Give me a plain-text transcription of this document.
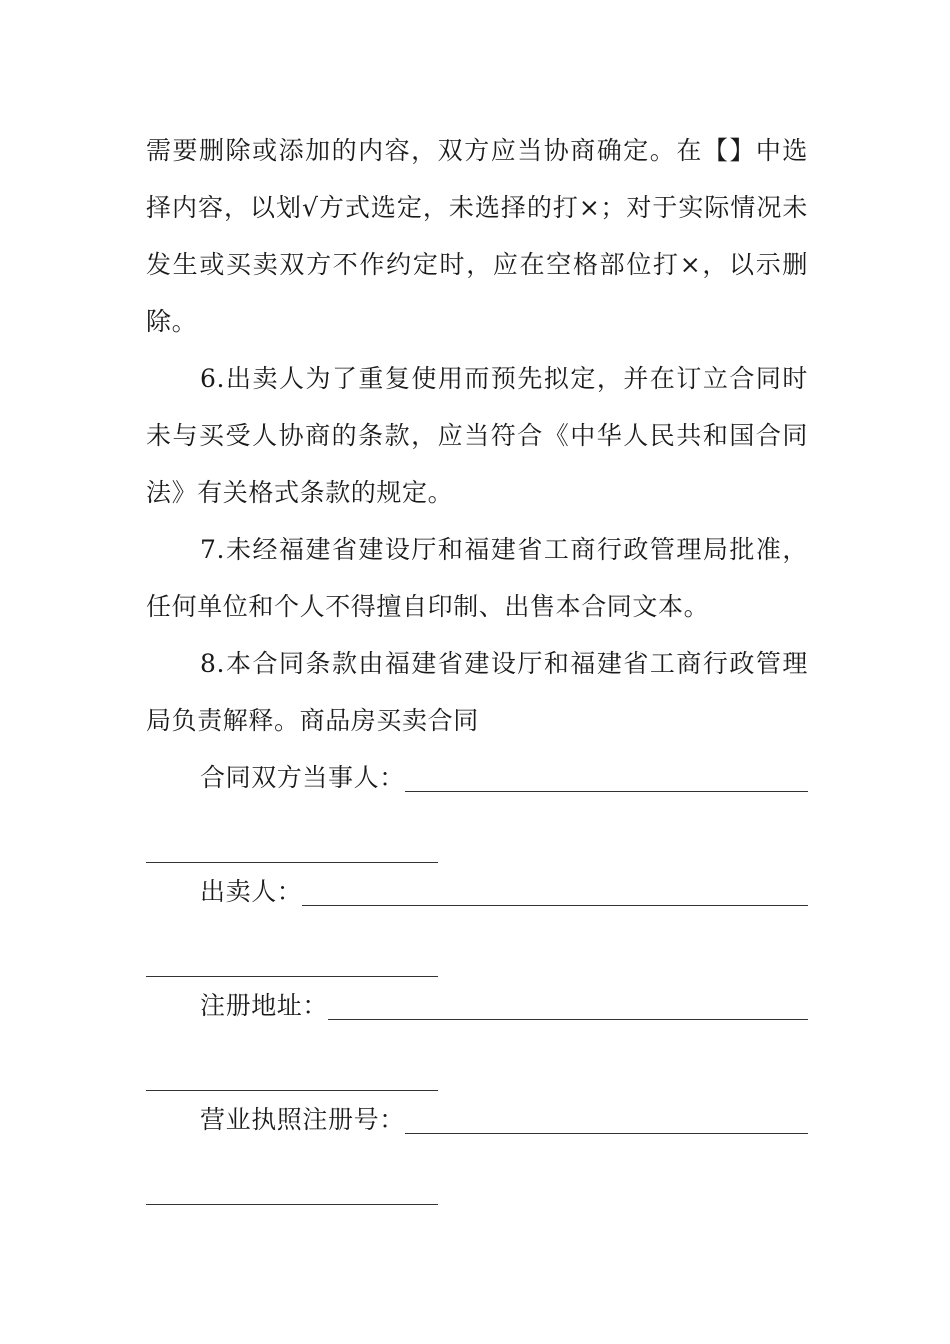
需要删除或添加的内容，双方应当协商确定。在【】中选择内容，以划√方式选定，未选择的打×；对于实际情况未发生或买卖双方不作约定时，应在空格部位打×，以示删除。

6.出卖人为了重复使用而预先拟定，并在订立合同时未与买受人协商的条款，应当符合《中华人民共和国合同法》有关格式条款的规定。

7.未经福建省建设厅和福建省工商行政管理局批准，任何单位和个人不得擅自印制、出售本合同文本。

8.本合同条款由福建省建设厅和福建省工商行政管理局负责解释。商品房买卖合同

合同双方当事人：
出卖人：
注册地址：
营业执照注册号：
